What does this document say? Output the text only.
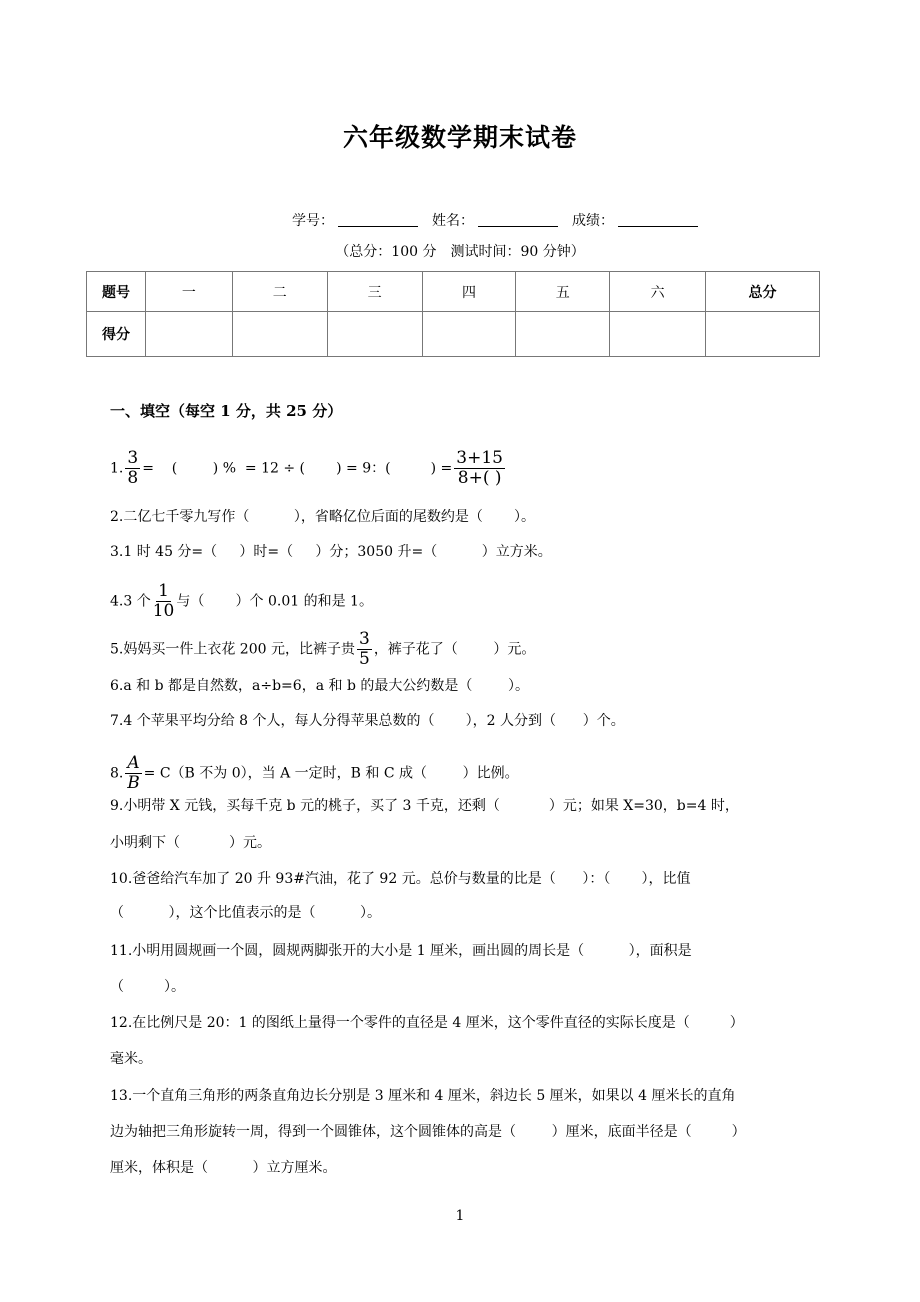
六年级数学期末试卷
学号：	姓名：	成绩：
（总分：100 分　测试时间：90 分钟）
题号	一	二	三	四	五	六	总分
得分							
一、填空（每空 1 分，共 25 分）
1. $\frac{3}{8}$ =    (        ) %  = 12 ÷ (       ) = 9：(         ) = $\frac{3+15}{8+( )}$
2.二亿七千零九写作（          ），省略亿位后面的尾数约是（       ）。
3.1 时 45 分=（     ）时=（     ）分；3050 升=（          ）立方米。
4.3 个 $\frac{1}{10}$ 与（       ）个 0.01 的和是 1。
5.妈妈买一件上衣花 200 元，比裤子贵 $\frac{3}{5}$ ，裤子花了（        ）元。
6.a 和 b 都是自然数，a÷b=6，a 和 b 的最大公约数是（        ）。
7.4 个苹果平均分给 8 个人，每人分得苹果总数的（       ），2 人分到（      ）个。
8. $\frac{A}{B} = C(B$ 不为 0），当 A 一定时，B 和 C 成（        ）比例。
9.小明带 X 元钱，买每千克 b 元的桃子，买了 3 千克，还剩（           ）元；如果 X=30，b=4 时，
小明剩下（           ）元。
10.爸爸给汽车加了 20 升 93#汽油，花了 92 元。总价与数量的比是（      ）：（       ），比值
（          ），这个比值表示的是（          ）。
11.小明用圆规画一个圆，圆规两脚张开的大小是 1 厘米，画出圆的周长是（          ），面积是
（         ）。
12.在比例尺是 20：1 的图纸上量得一个零件的直径是 4 厘米，这个零件直径的实际长度是（         ）
毫米。
13.一个直角三角形的两条直角边长分别是 3 厘米和 4 厘米，斜边长 5 厘米，如果以 4 厘米长的直角
边为轴把三角形旋转一周，得到一个圆锥体，这个圆锥体的高是（        ）厘米，底面半径是（         ）
厘米，体积是（          ）立方厘米。
1
